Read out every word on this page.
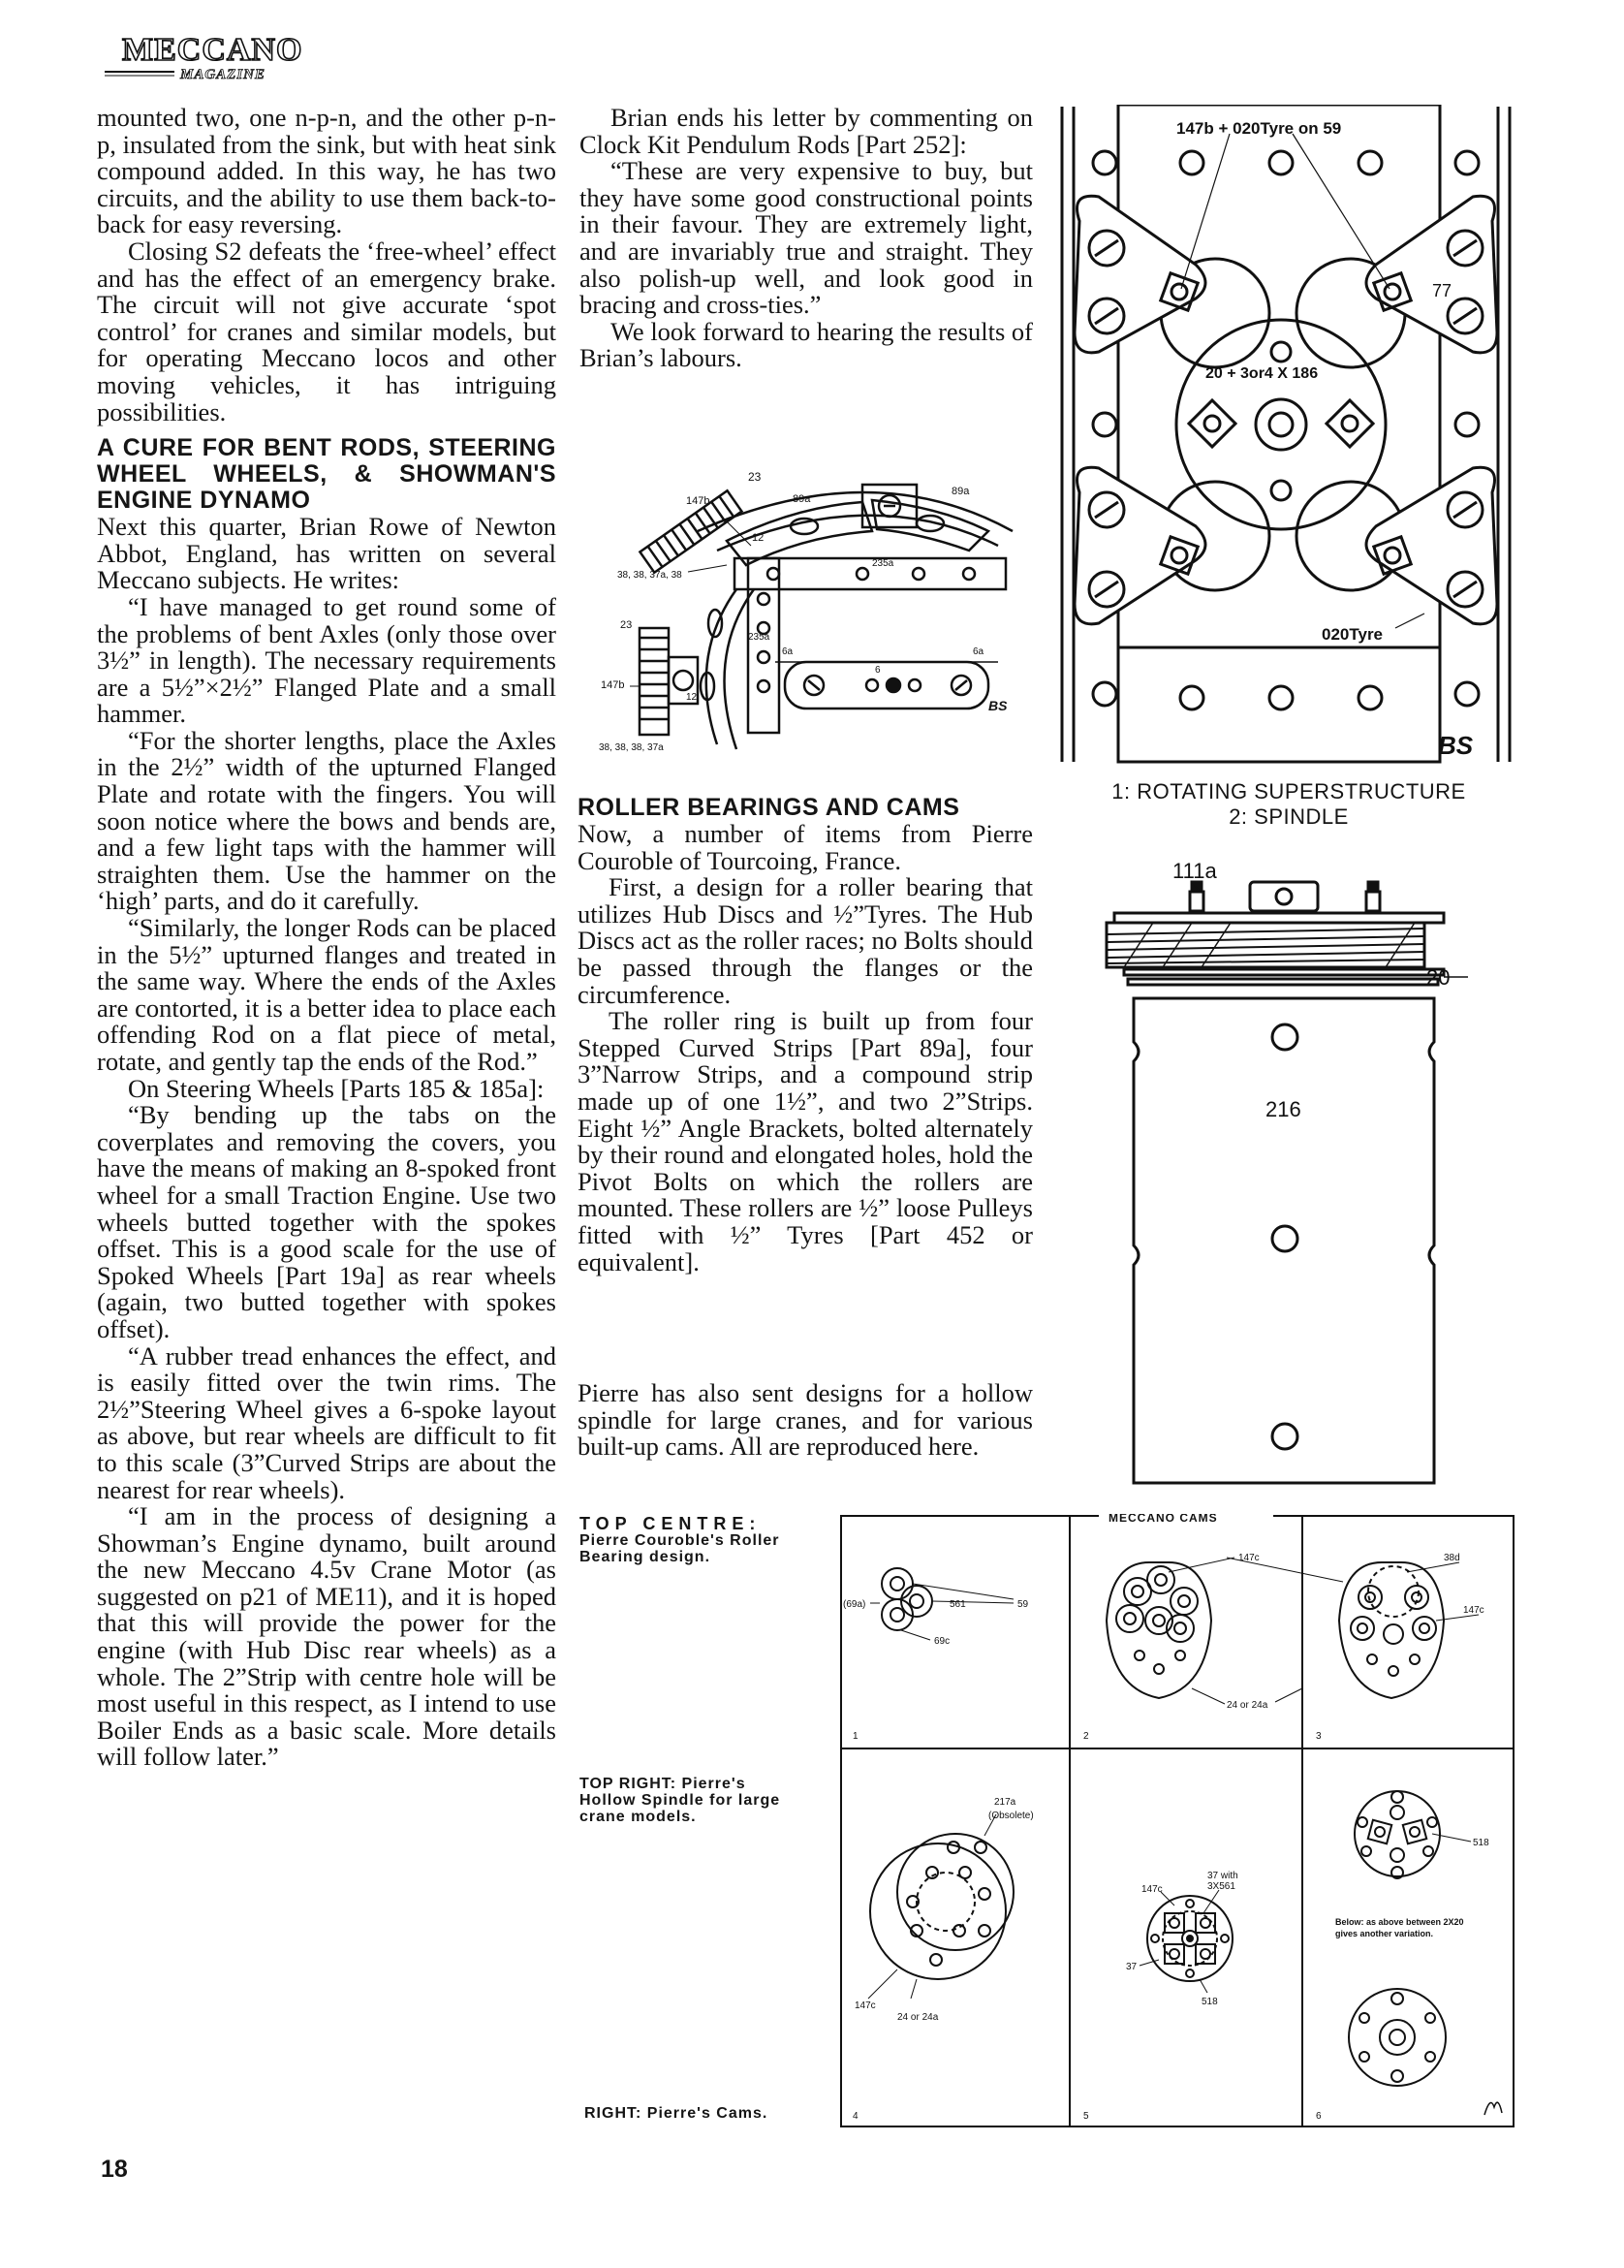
MECCANO
MAGAZINE

mounted two, one n-p-n, and the other p-n-p, insulated from the sink, but with heat sink compound added. In this way, he has two circuits, and the ability to use them back-to-back for easy reversing.

Closing S2 defeats the ‘free-wheel’ effect and has the effect of an emergency brake. The circuit will not give accurate ‘spot control’ for cranes and similar models, but for operating Meccano locos and other moving vehicles, it has intriguing possibilities.

A CURE FOR BENT RODS, STEERING WHEEL WHEELS, & SHOWMAN'S ENGINE DYNAMO

Next this quarter, Brian Rowe of Newton Abbot, England, has written on several Meccano subjects. He writes:

“I have managed to get round some of the problems of bent Axles (only those over 3½” in length). The necessary requirements are a 5½”×2½” Flanged Plate and a small hammer.

“For the shorter lengths, place the Axles in the 2½” width of the upturned Flanged Plate and rotate with the fingers. You will soon notice where the bows and bends are, and a few light taps with the hammer will straighten them. Use the hammer on the ‘high’ parts, and do it carefully.

“Similarly, the longer Rods can be placed in the 5½” upturned flanges and treated in the same way. Where the ends of the Axles are contorted, it is a better idea to place each offending Rod on a flat piece of metal, rotate, and gently tap the ends of the Rod.”

On Steering Wheels [Parts 185 & 185a]:

“By bending up the tabs on the coverplates and removing the covers, you have the means of making an 8-spoked front wheel for a small Traction Engine. Use two wheels butted together with the spokes offset. This is a good scale for the use of Spoked Wheels [Part 19a] as rear wheels (again, two butted together with spokes offset).

“A rubber tread enhances the effect, and is easily fitted over the twin rims. The 2½”Steering Wheel gives a 6-spoke layout as above, but rear wheels are difficult to fit to this scale (3”Curved Strips are about the nearest for rear wheels).

“I am in the process of designing a Showman’s Engine dynamo, built around the new Meccano 4.5v Crane Motor (as suggested on p21 of ME11), and it is hoped that this will provide the power for the engine (with Hub Disc rear wheels) as a whole. The 2”Strip with centre hole will be most useful in this respect, as I intend to use Boiler Ends as a basic scale. More details will follow later.”

Brian ends his letter by commenting on Clock Kit Pendulum Rods [Part 252]:

“These are very expensive to buy, but they have some good constructional points in their favour. They are extremely light, and are invariably true and straight. They also polish-up well, and look good in bracing and cross-ties.”

We look forward to hearing the results of Brian’s labours.

23
147b	89a
89a
12
38, 38, 37a, 38
235a
23
235a
6a	6a
147b
12
6
38, 38, 38, 37a
BS
ROLLER BEARINGS AND CAMS

Now, a number of items from Pierre Couroble of Tourcoing, France.

First, a design for a roller bearing that utilizes Hub Discs and ½”Tyres. The Hub Discs act as the roller races; no Bolts should be passed through the flanges or the circumference.

The roller ring is built up from four Stepped Curved Strips [Part 89a], four 3”Narrow Strips, and a compound strip made up of one 1½”, and two 2”Strips. Eight ½” Angle Brackets, bolted alternately by their round and elongated holes, hold the Pivot Bolts on which the rollers are mounted. These rollers are ½” loose Pulleys fitted with ½” Tyres [Part 452 or equivalent].

Pierre has also sent designs for a hollow spindle for large cranes, and for various built-up cams. All are reproduced here.

147b + 020Tyre on 59
77
20 + 3or4 X 186
020Tyre
BS
1: ROTATING SUPERSTRUCTURE
2: SPINDLE
111a
20
216
TOP CENTRE:
Pierre Couroble's Roller Bearing design.
TOP RIGHT: Pierre's
Hollow Spindle for large crane models.
RIGHT: Pierre's Cams.
MECCANO CAMS
(69a)	561	59
69c
1
147c
24 or 24a
2
38d
147c
3
217a
(Obsolete)
147c
24 or 24a
4
147c
37 with
3X561
37
518
5
518
Below: as above between 2X20
gives another variation.
6
18
